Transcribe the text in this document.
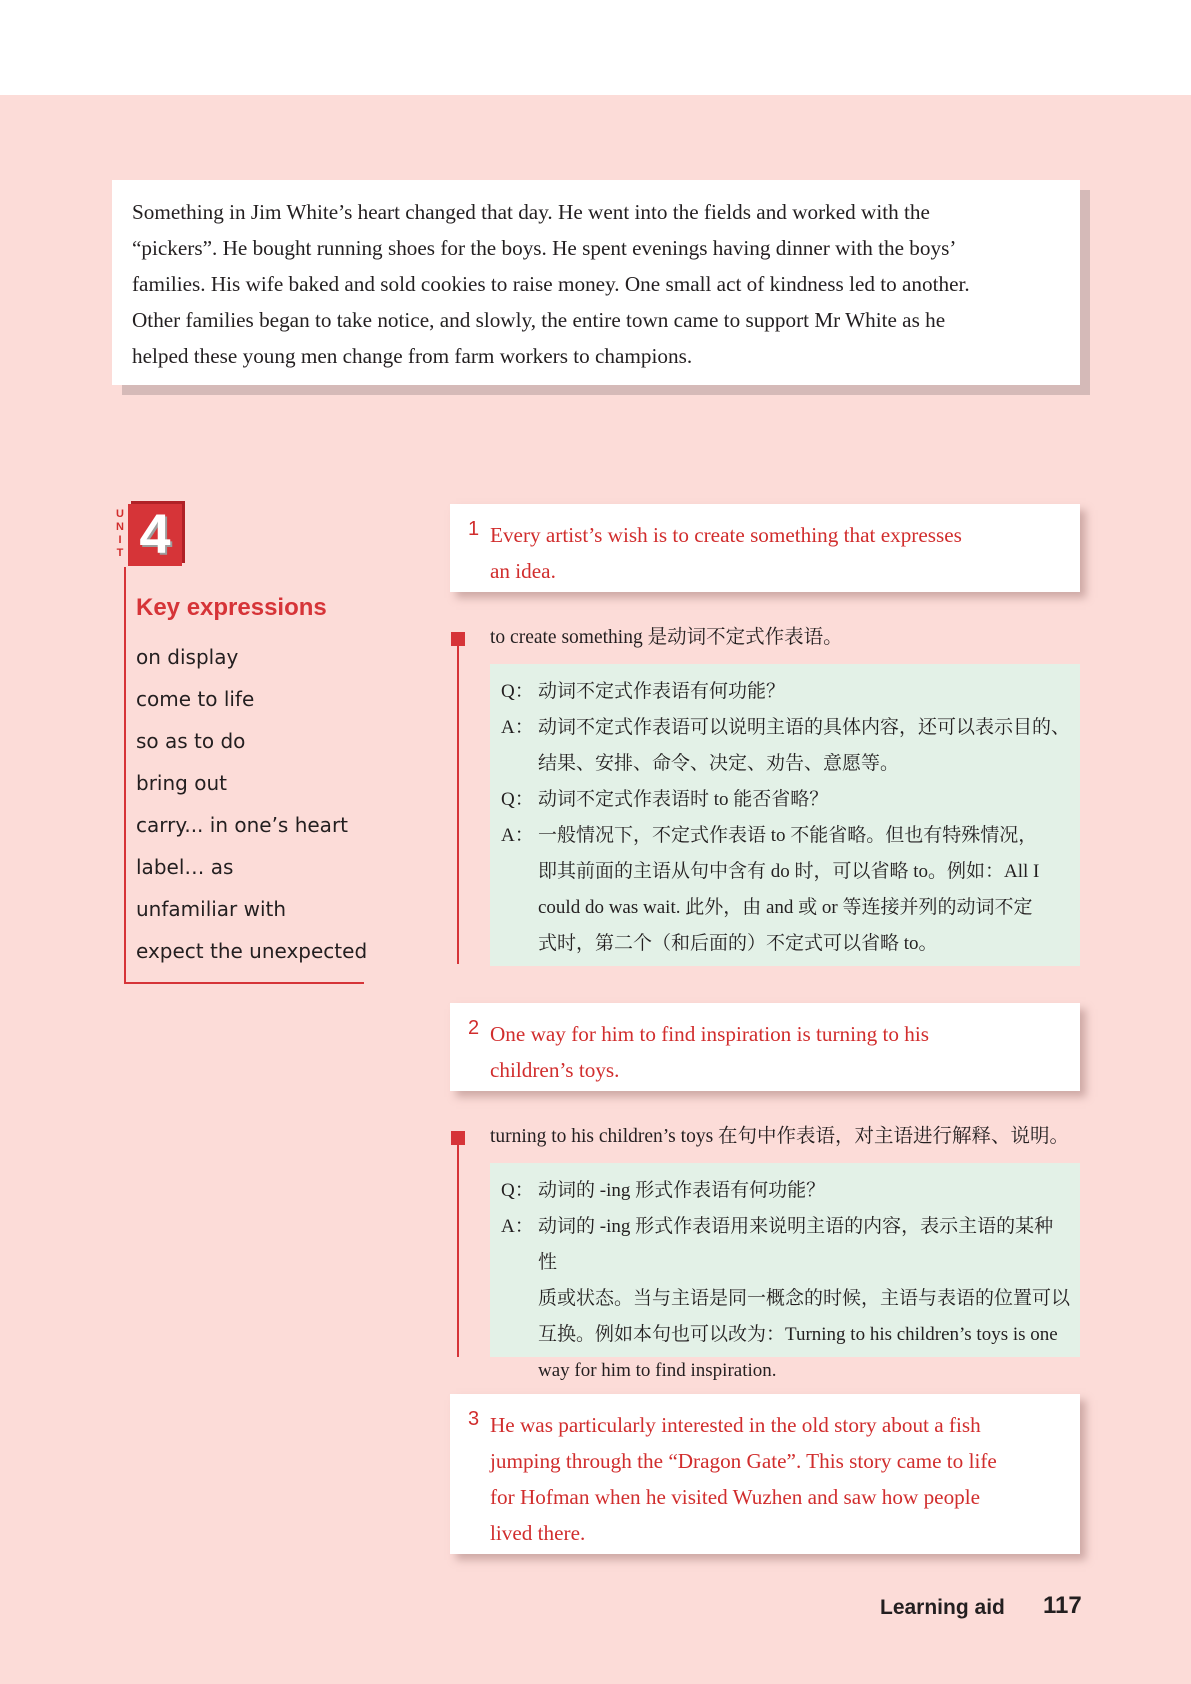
Something in Jim White’s heart changed that day. He went into the fields and worked with the

“pickers”. He bought running shoes for the boys. He spent evenings having dinner with the boys’

families. His wife baked and sold cookies to raise money. One small act of kindness led to another.

Other families began to take notice, and slowly, the entire town came to support Mr White as he

helped these young men change from farm workers to champions.

U
N
I
T 4
Key expressions
on display
come to life
so as to do
bring out
carry... in one’s heart
label… as
unfamiliar with
expect the unexpected
1 Every artist’s wish is to create something that expresses
an idea.

to create something 是动词不定式作表语。

Q： 动词不定式作表语有何功能？
A： 动词不定式作表语可以说明主语的具体内容，还可以表示目的、
结果、安排、命令、决定、劝告、意愿等。
Q： 动词不定式作表语时 to 能否省略？
A： 一般情况下，不定式作表语 to 不能省略。但也有特殊情况，
即其前面的主语从句中含有 do 时，可以省略 to。例如：All I
could do was wait. 此外，由 and 或 or 等连接并列的动词不定
式时，第二个（和后面的）不定式可以省略 to。
2 One way for him to find inspiration is turning to his
children’s toys.

turning to his children’s toys 在句中作表语，对主语进行解释、说明。

Q： 动词的 -ing 形式作表语有何功能？
A： 动词的 -ing 形式作表语用来说明主语的内容，表示主语的某种性
质或状态。当与主语是同一概念的时候，主语与表语的位置可以
互换。例如本句也可以改为：Turning to his children’s toys is one
way for him to find inspiration.
3 He was particularly interested in the old story about a fish
jumping through the “Dragon Gate”. This story came to life
for Hofman when he visited Wuzhen and saw how people
lived there.
Learning aid 117
